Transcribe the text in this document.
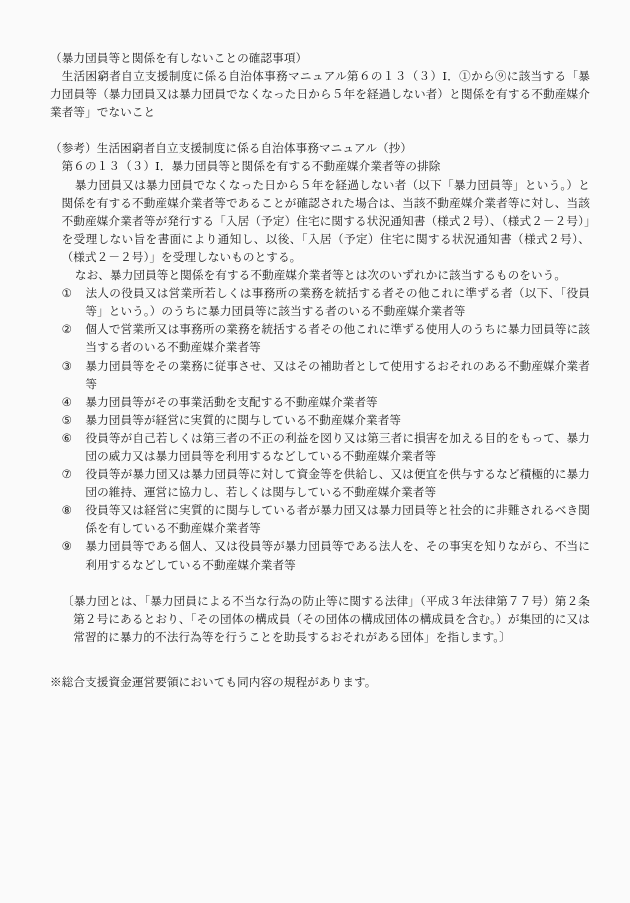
（暴力団員等と関係を有しないことの確認事項）

生活困窮者自立支援制度に係る自治体事務マニュアル第６の１３（３）Ⅰ．①から⑨に該当する「暴力団員等（暴力団員又は暴力団員でなくなった日から５年を経過しない者）と関係を有する不動産媒介業者等」でないこと

（参考）生活困窮者自立支援制度に係る自治体事務マニュアル（抄）

第６の１３（３）Ⅰ．暴力団員等と関係を有する不動産媒介業者等の排除

暴力団員又は暴力団員でなくなった日から５年を経過しない者（以下「暴力団員等」という。）と関係を有する不動産媒介業者等であることが確認された場合は、当該不動産媒介業者等に対し、当該不動産媒介業者等が発行する「入居（予定）住宅に関する状況通知書（様式２号）、（様式２－２号）」を受理しない旨を書面により通知し、以後、「入居（予定）住宅に関する状況通知書（様式２号）、（様式２－２号）」を受理しないものとする。

なお、暴力団員等と関係を有する不動産媒介業者等とは次のいずれかに該当するものをいう。

① 法人の役員又は営業所若しくは事務所の業務を統括する者その他これに準ずる者（以下、「役員等」という。）のうちに暴力団員等に該当する者のいる不動産媒介業者等
② 個人で営業所又は事務所の業務を統括する者その他これに準ずる使用人のうちに暴力団員等に該当する者のいる不動産媒介業者等
③ 暴力団員等をその業務に従事させ、又はその補助者として使用するおそれのある不動産媒介業者等
④ 暴力団員等がその事業活動を支配する不動産媒介業者等
⑤ 暴力団員等が経営に実質的に関与している不動産媒介業者等
⑥ 役員等が自己若しくは第三者の不正の利益を図り又は第三者に損害を加える目的をもって、暴力団の威力又は暴力団員等を利用するなどしている不動産媒介業者等
⑦ 役員等が暴力団又は暴力団員等に対して資金等を供給し、又は便宜を供与するなど積極的に暴力団の維持、運営に協力し、若しくは関与している不動産媒介業者等
⑧ 役員等又は経営に実質的に関与している者が暴力団又は暴力団員等と社会的に非難されるべき関係を有している不動産媒介業者等
⑨ 暴力団員等である個人、又は役員等が暴力団員等である法人を、その事実を知りながら、不当に利用するなどしている不動産媒介業者等

〔暴力団とは、「暴力団員による不当な行為の防止等に関する法律」（平成３年法律第７７号）第２条第２号にあるとおり、「その団体の構成員（その団体の構成団体の構成員を含む。）が集団的に又は常習的に暴力的不法行為等を行うことを助長するおそれがある団体」を指します。〕

※総合支援資金運営要領においても同内容の規程があります。
